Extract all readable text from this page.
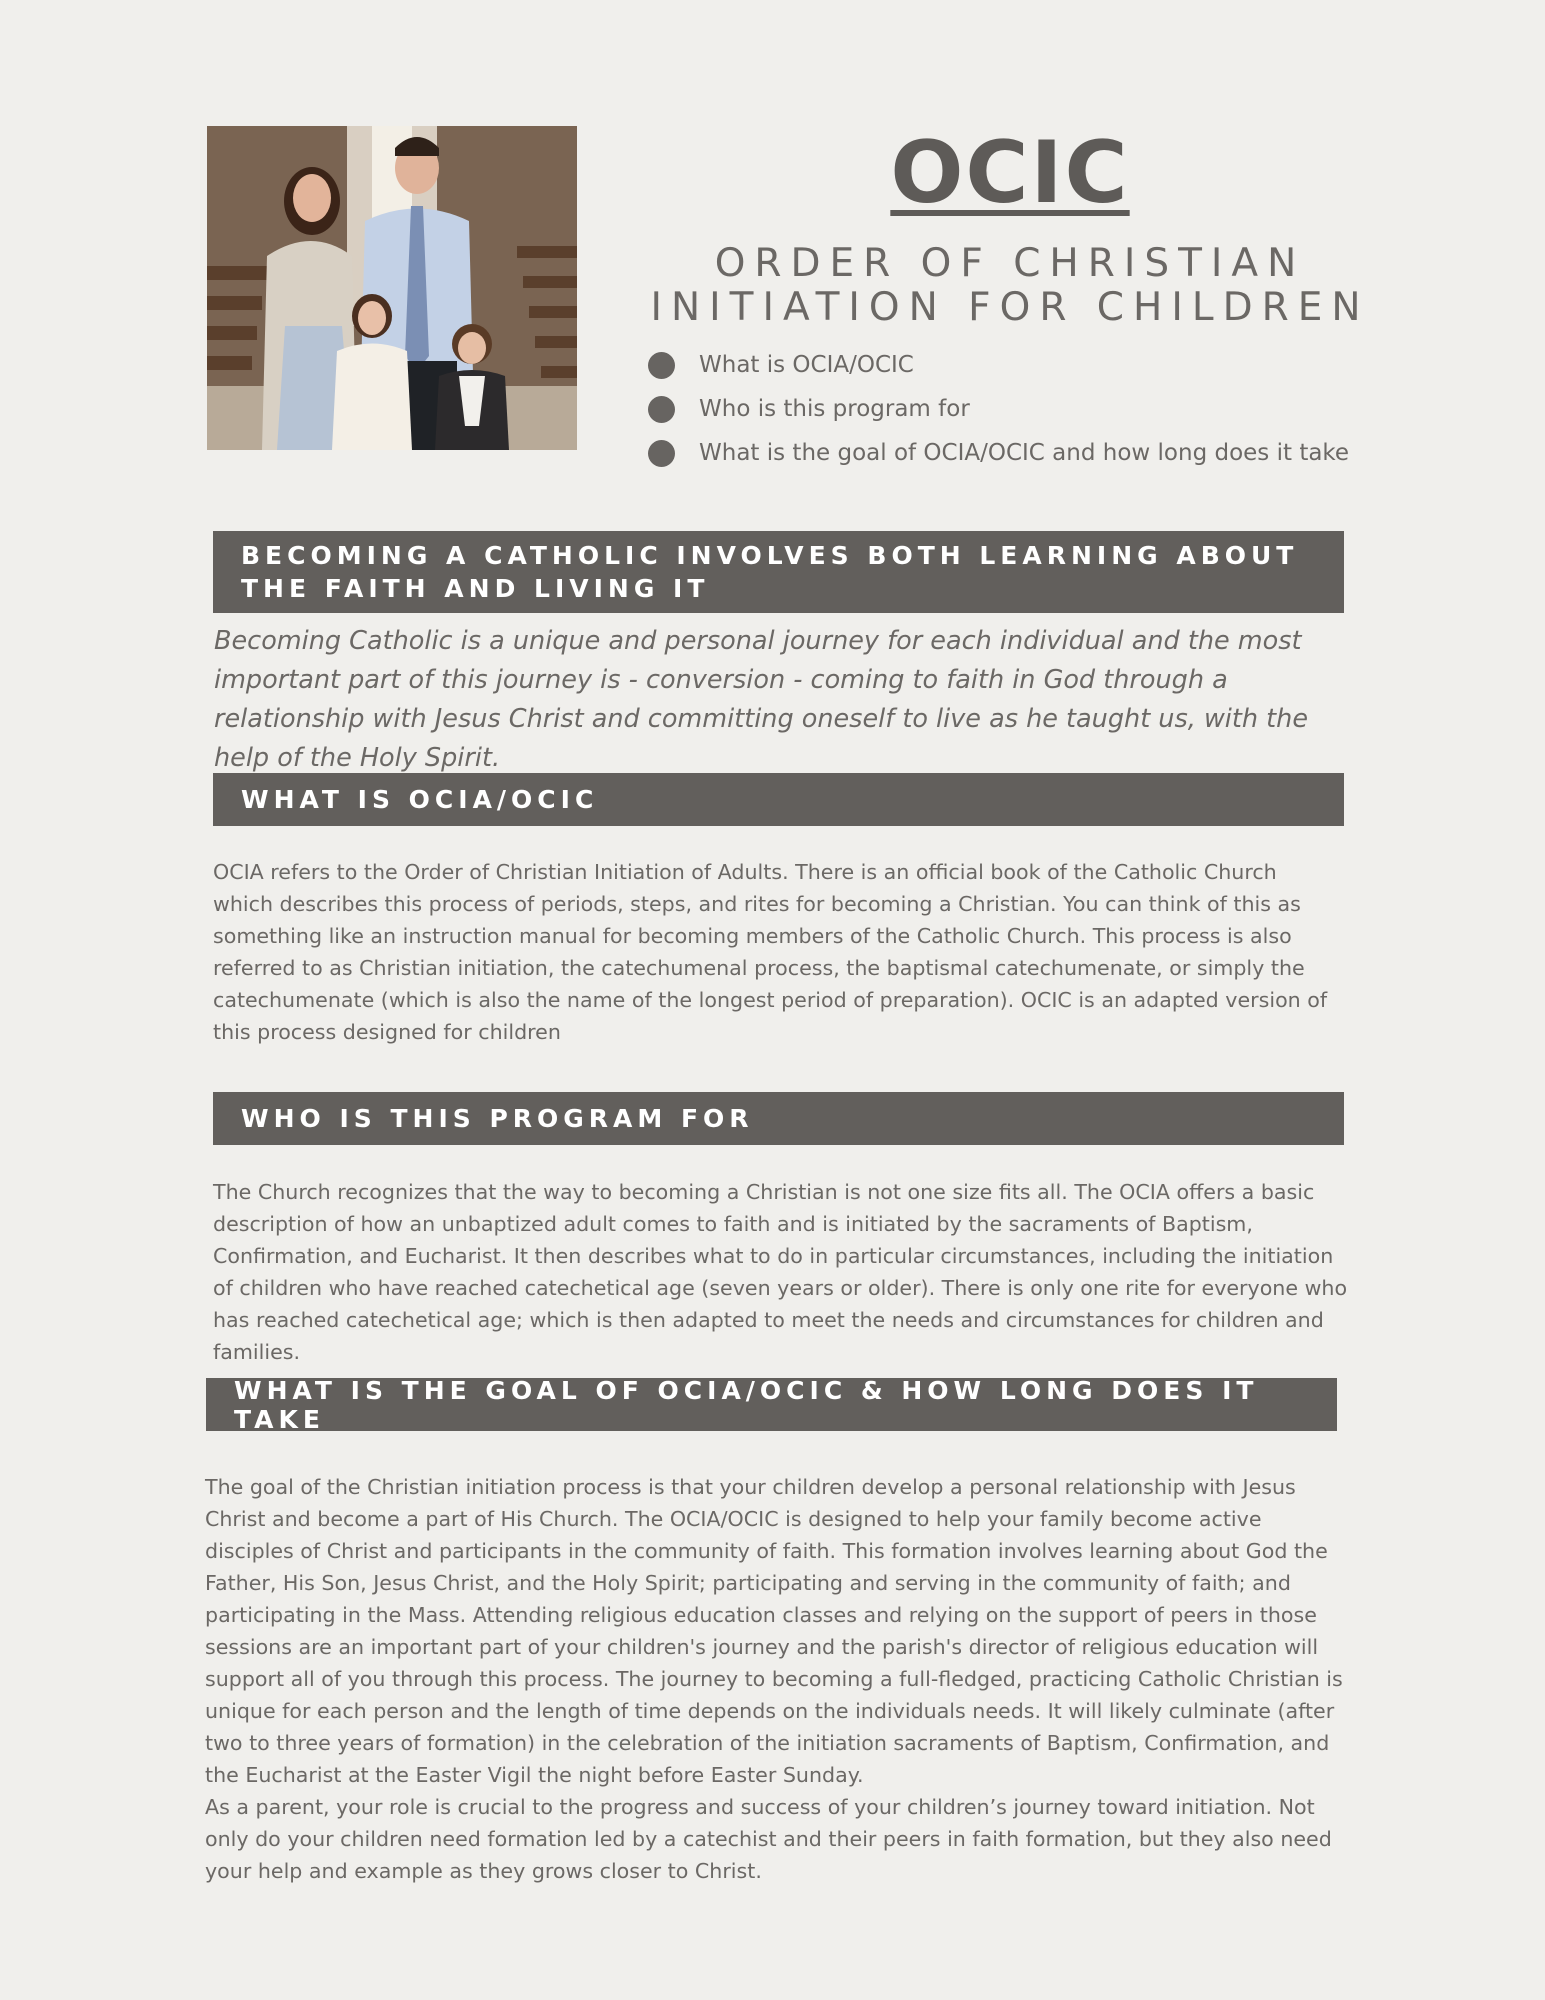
OCIC
ORDER OF CHRISTIAN
INITIATION FOR CHILDREN
What is OCIA/OCIC
Who is this program for
What is the goal of OCIA/OCIC and how long does it take
BECOMING A CATHOLIC INVOLVES BOTH LEARNING ABOUT THE FAITH AND LIVING IT
Becoming Catholic is a unique and personal journey for each individual and the most important part of this journey is - conversion - coming to faith in God through a relationship with Jesus Christ and committing oneself to live as he taught us, with the help of the Holy Spirit.
WHAT IS OCIA/OCIC
OCIA refers to the Order of Christian Initiation of Adults. There is an official book of the Catholic Church which describes this process of periods, steps, and rites for becoming a Christian. You can think of this as something like an instruction manual for becoming members of the Catholic Church. This process is also referred to as Christian initiation, the catechumenal process, the baptismal catechumenate, or simply the catechumenate (which is also the name of the longest period of preparation). OCIC is an adapted version of this process designed for children
WHO IS THIS PROGRAM FOR
The Church recognizes that the way to becoming a Christian is not one size fits all. The OCIA offers a basic description of how an unbaptized adult comes to faith and is initiated by the sacraments of Baptism, Confirmation, and Eucharist. It then describes what to do in particular circumstances, including the initiation of children who have reached catechetical age (seven years or older). There is only one rite for everyone who has reached catechetical age; which is then adapted to meet the needs and circumstances for children and families.
WHAT IS THE GOAL OF OCIA/OCIC & HOW LONG DOES IT TAKE
The goal of the Christian initiation process is that your children develop a personal relationship with Jesus Christ and become a part of His Church. The OCIA/OCIC is designed to help your family become active disciples of Christ and participants in the community of faith. This formation involves learning about God the Father, His Son, Jesus Christ, and the Holy Spirit; participating and serving in the community of faith; and participating in the Mass. Attending religious education classes and relying on the support of peers in those sessions are an important part of your children's journey and the parish's director of religious education will support all of you through this process. The journey to becoming a full-fledged, practicing Catholic Christian is unique for each person and the length of time depends on the individuals needs. It will likely culminate (after two to three years of formation) in the celebration of the initiation sacraments of Baptism, Confirmation, and the Eucharist at the Easter Vigil the night before Easter Sunday.
As a parent, your role is crucial to the progress and success of your children’s journey toward initiation. Not only do your children need formation led by a catechist and their peers in faith formation, but they also need your help and example as they grows closer to Christ.
